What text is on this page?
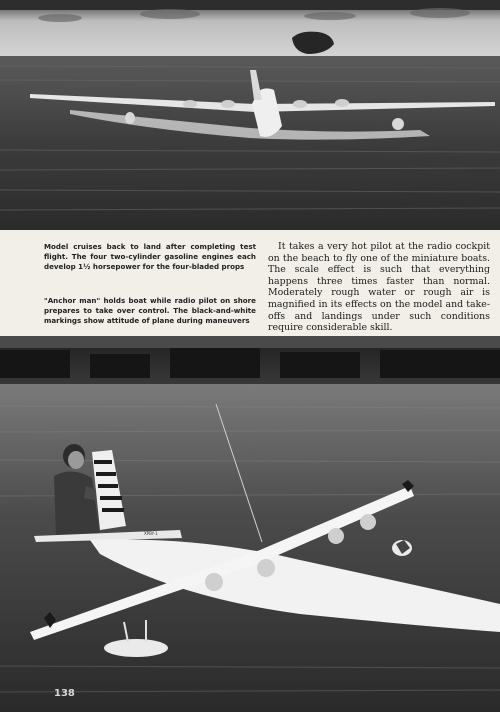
Model cruises back to land after completing test flight. The four two-cylinder gasoline engines each develop 1½ horsepower for the four-bladed props

"Anchor man" holds boat while radio pilot on shore prepares to take over control. The black-and-white markings show attitude of plane during maneuvers

It takes a very hot pilot at the radio cockpit on the beach to fly one of the miniature boats. The scale effect is such that everything happens three times faster than normal. Moderately rough water or rough air is magnified in its effects on the model and take-offs and landings under such conditions require considerable skill.

XPBY-1
138
